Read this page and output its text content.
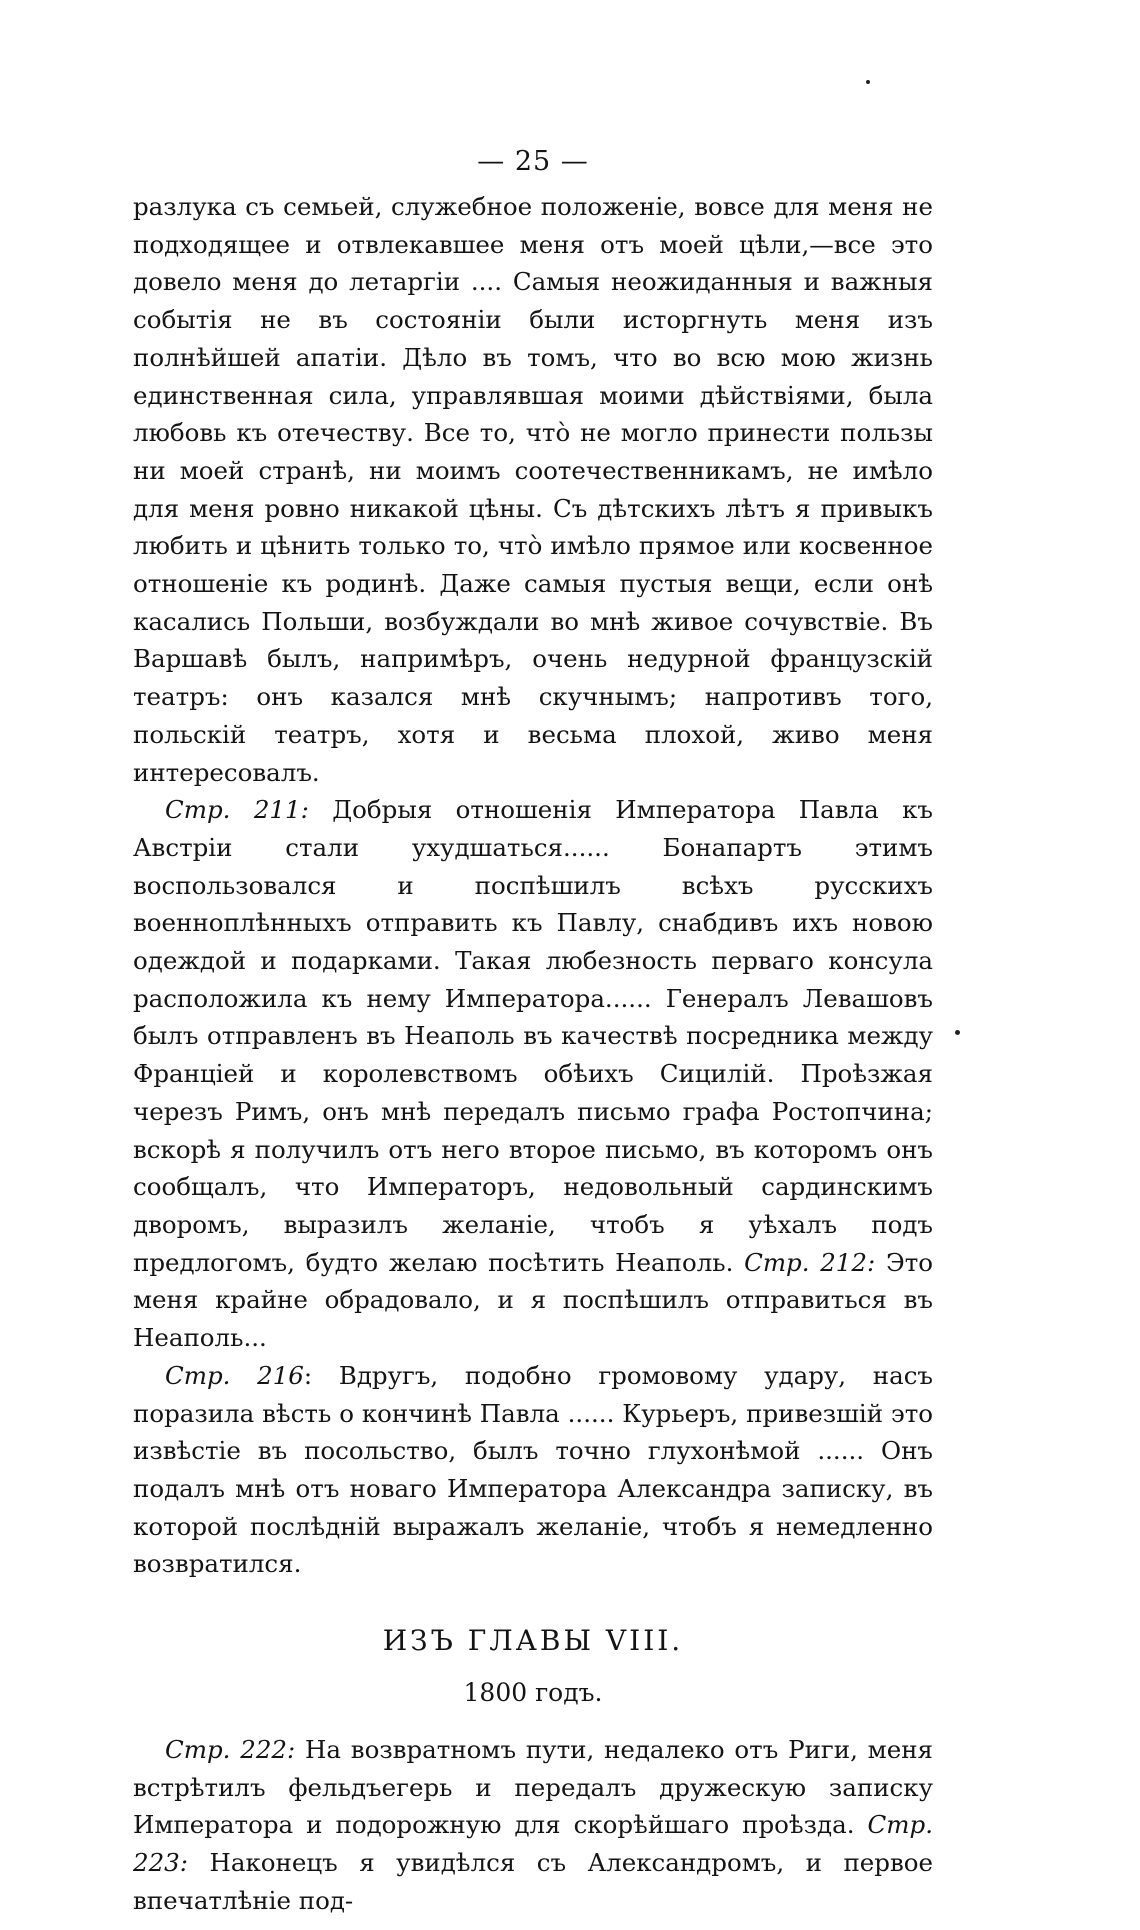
— 25 —

разлука съ семьей, служебное положеніе, вовсе для меня не подходящее и отвлекавшее меня отъ моей цѣли,—все это довело меня до летаргіи .... Самыя неожиданныя и важныя событія не въ состояніи были исторгнуть меня изъ полнѣйшей апатіи. Дѣло въ томъ, что во всю мою жизнь единственная сила, управлявшая моими дѣйствіями, была любовь къ отечеству. Все то, что̀ не могло принести пользы ни моей странѣ, ни моимъ соотечественникамъ, не имѣло для меня ровно никакой цѣны. Съ дѣтскихъ лѣтъ я привыкъ любить и цѣнить только то, что̀ имѣло прямое или косвенное отношеніе къ родинѣ. Даже самыя пустыя вещи, если онѣ касались Польши, возбуждали во мнѣ живое сочувствіе. Въ Варшавѣ былъ, напримѣръ, очень недурной французскій театръ: онъ казался мнѣ скучнымъ; напротивъ того, польскій театръ, хотя и весьма плохой, живо меня интересовалъ.

Стр. 211: Добрыя отношенія Императора Павла къ Австріи стали ухудшаться...... Бонапартъ этимъ воспользовался и поспѣшилъ всѣхъ русскихъ военноплѣнныхъ отправить къ Павлу, снабдивъ ихъ новою одеждой и подарками. Такая любезность перваго консула расположила къ нему Императора...... Генералъ Левашовъ былъ отправленъ въ Неаполь въ качествѣ посредника между Франціей и королевствомъ обѣихъ Сицилій. Проѣзжая черезъ Римъ, онъ мнѣ передалъ письмо графа Ростопчина; вскорѣ я получилъ отъ него второе письмо, въ которомъ онъ сообщалъ, что Императоръ, недовольный сардинскимъ дворомъ, выразилъ желаніе, чтобъ я уѣхалъ подъ предлогомъ, будто желаю посѣтить Неаполь. Стр. 212: Это меня крайне обрадовало, и я поспѣшилъ отправиться въ Неаполь...

Стр. 216: Вдругъ, подобно громовому удару, насъ поразила вѣсть о кончинѣ Павла ...... Курьеръ, привезшій это извѣстіе въ посольство, былъ точно глухонѣмой ...... Онъ подалъ мнѣ отъ новаго Императора Александра записку, въ которой послѣдній выражалъ желаніе, чтобъ я немедленно возвратился.

ИЗЪ ГЛАВЫ VIII.
1800 годъ.

Стр. 222: На возвратномъ пути, недалеко отъ Риги, меня встрѣтилъ фельдъегерь и передалъ дружескую записку Императора и подорожную для скорѣйшаго проѣзда. Стр. 223: Наконецъ я увидѣлся съ Александромъ, и первое впечатлѣніе под-
